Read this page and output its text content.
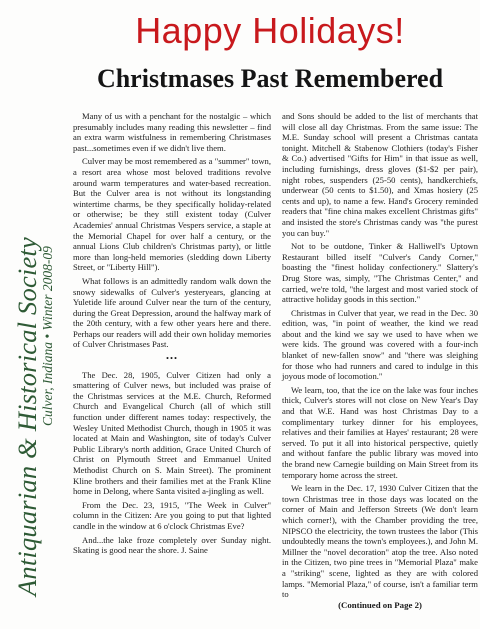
Antiquarian & Historical Society
Culver, Indiana • Winter 2008-09
Happy Holidays!
Christmases Past Remembered

Many of us with a penchant for the nostalgic – which presumably includes many reading this newsletter – find an extra warm wistfulness in remembering Christmases past...sometimes even if we didn't live them.

Culver may be most remembered as a "summer" town, a resort area whose most beloved traditions revolve around warm temperatures and water-based recreation. But the Culver area is not without its longstanding wintertime charms, be they specifically holiday-related or otherwise; be they still existent today (Culver Academies' annual Christmas Vespers service, a staple at the Memorial Chapel for over half a century, or the annual Lions Club children's Christmas party), or little more than long-held memories (sledding down Liberty Street, or "Liberty Hill").

What follows is an admittedly random walk down the snowy sidewalks of Culver's yesteryears, glancing at Yuletide life around Culver near the turn of the century, during the Great Depression, around the halfway mark of the 20th century, with a few other years here and there. Perhaps our readers will add their own holiday memories of Culver Christmases Past.

•••

The Dec. 28, 1905, Culver Citizen had only a smattering of Culver news, but included was praise of the Christmas services at the M.E. Church, Reformed Church and Evangelical Church (all of which still function under different names today: respectively, the Wesley United Methodist Church, though in 1905 it was located at Main and Washington, site of today's Culver Public Library's north addition, Grace United Church of Christ on Plymouth Street and Emmanuel United Methodist Church on S. Main Street). The prominent Kline brothers and their families met at the Frank Kline home in Delong, where Santa visited a-jingling as well.

From the Dec. 23, 1915, "The Week in Culver" column in the Citizen: Are you going to put that lighted candle in the window at 6 o'clock Christmas Eve?

And...the lake froze completely over Sunday night. Skating is good near the shore. J. Saine

and Sons should be added to the list of merchants that will close all day Christmas. From the same issue: The M.E. Sunday school will present a Christmas cantata tonight. Mitchell & Stabenow Clothiers (today's Fisher & Co.) advertised "Gifts for Him" in that issue as well, including furnishings, dress gloves ($1-$2 per pair), night robes, suspenders (25-50 cents), handkerchiefs, underwear (50 cents to $1.50), and Xmas hosiery (25 cents and up), to name a few. Hand's Grocery reminded readers that "fine china makes excellent Christmas gifts" and insisted the store's Christmas candy was "the purest you can buy."

Not to be outdone, Tinker & Halliwell's Uptown Restaurant billed itself "Culver's Candy Corner," boasting the "finest holiday confectionery." Slattery's Drug Store was, simply, "The Christmas Center," and carried, we're told, "the largest and most varied stock of attractive holiday goods in this section."

Christmas in Culver that year, we read in the Dec. 30 edition, was, "in point of weather, the kind we read about and the kind we say we used to have when we were kids. The ground was covered with a four-inch blanket of new-fallen snow" and "there was sleighing for those who had runners and cared to indulge in this joyous mode of locomotion."

We learn, too, that the ice on the lake was four inches thick, Culver's stores will not close on New Year's Day and that W.E. Hand was host Christmas Day to a complimentary turkey dinner for his employees, relatives and their families at Hayes' restaurant; 28 were served. To put it all into historical perspective, quietly and without fanfare the public library was moved into the brand new Carnegie building on Main Street from its temporary home across the street.

We learn in the Dec. 17, 1930 Culver Citizen that the town Christmas tree in those days was located on the corner of Main and Jefferson Streets (We don't learn which corner!), with the Chamber providing the tree, NIPSCO the electricity, the town trustees the labor (This undoubtedly means the town's employees.), and John M. Millner the "novel decoration" atop the tree. Also noted in the Citizen, two pine trees in "Memorial Plaza" make a "striking" scene, lighted as they are with colored lamps. "Memorial Plaza," of course, isn't a familiar term to

(Continued on Page 2)
